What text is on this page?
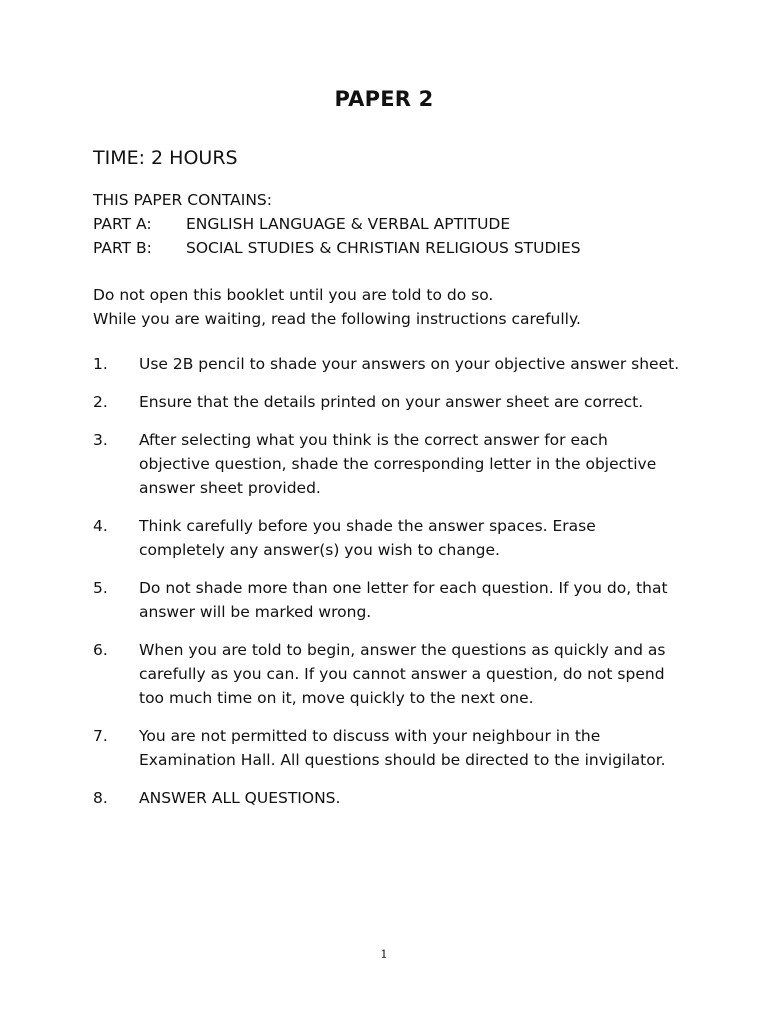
PAPER 2
TIME: 2 HOURS
THIS PAPER CONTAINS:
PART A:	ENGLISH LANGUAGE & VERBAL APTITUDE
PART B:	SOCIAL STUDIES & CHRISTIAN RELIGIOUS STUDIES
Do not open this booklet until you are told to do so.
While you are waiting, read the following instructions carefully.
1.	Use 2B pencil to shade your answers on your objective answer sheet.
2.	Ensure that the details printed on your answer sheet are correct.
3.	After selecting what you think is the correct answer for each objective question, shade the corresponding letter in the objective answer sheet provided.
4.	Think carefully before you shade the answer spaces. Erase completely any answer(s) you wish to change.
5.	Do not shade more than one letter for each question. If you do, that answer will be marked wrong.
6.	When you are told to begin, answer the questions as quickly and as carefully as you can. If you cannot answer a question, do not spend too much time on it, move quickly to the next one.
7.	You are not permitted to discuss with your neighbour in the Examination Hall. All questions should be directed to the invigilator.
8.	ANSWER ALL QUESTIONS.
1
